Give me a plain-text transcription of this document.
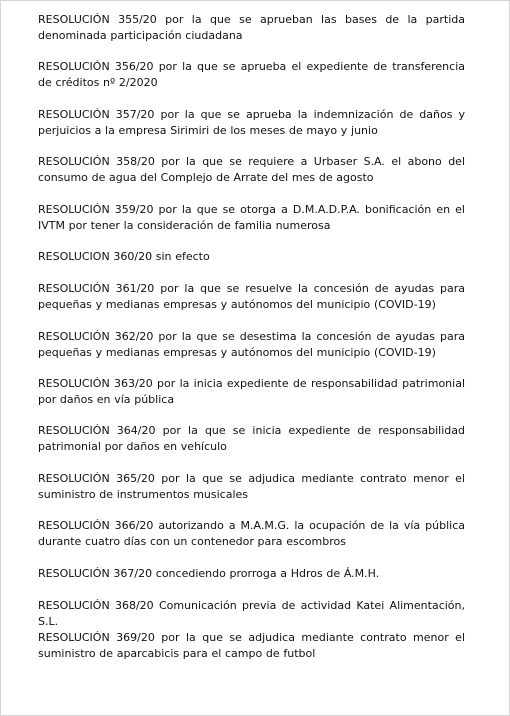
RESOLUCIÓN 355/20 por la que se aprueban las bases de la partida denominada participación ciudadana
RESOLUCIÓN 356/20 por la que se aprueba el expediente de transferencia de créditos nº 2/2020
RESOLUCIÓN 357/20 por la que se aprueba la indemnización de daños y perjuicios a la empresa Sirimiri de los meses de mayo y junio
RESOLUCIÓN 358/20 por la que se requiere a Urbaser S.A. el abono del consumo de agua del Complejo de Arrate del mes de agosto
RESOLUCIÓN 359/20 por la que se otorga a D.M.A.D.P.A. bonificación en el IVTM por tener la consideración de familia numerosa
RESOLUCION 360/20 sin efecto
RESOLUCIÓN 361/20 por la que se resuelve la concesión de ayudas para pequeñas y medianas empresas y autónomos del municipio (COVID-19)
RESOLUCIÓN 362/20 por la que se desestima la concesión de ayudas para pequeñas y medianas empresas y autónomos del municipio (COVID-19)
RESOLUCIÓN 363/20 por la inicia expediente de responsabilidad patrimonial por daños en vía pública
RESOLUCIÓN 364/20 por la que se inicia expediente de responsabilidad patrimonial por daños en vehículo
RESOLUCIÓN 365/20 por la que se adjudica mediante contrato menor el suministro de instrumentos musicales
RESOLUCIÓN 366/20 autorizando a M.A.M.G. la ocupación de la vía pública durante cuatro días con un contenedor para escombros
RESOLUCIÓN 367/20 concediendo prorroga a Hdros de Á.M.H.
RESOLUCIÓN 368/20 Comunicación previa de actividad Katei Alimentación, S.L.
RESOLUCIÓN 369/20 por la que se adjudica mediante contrato menor el suministro de aparcabicis para el campo de futbol
